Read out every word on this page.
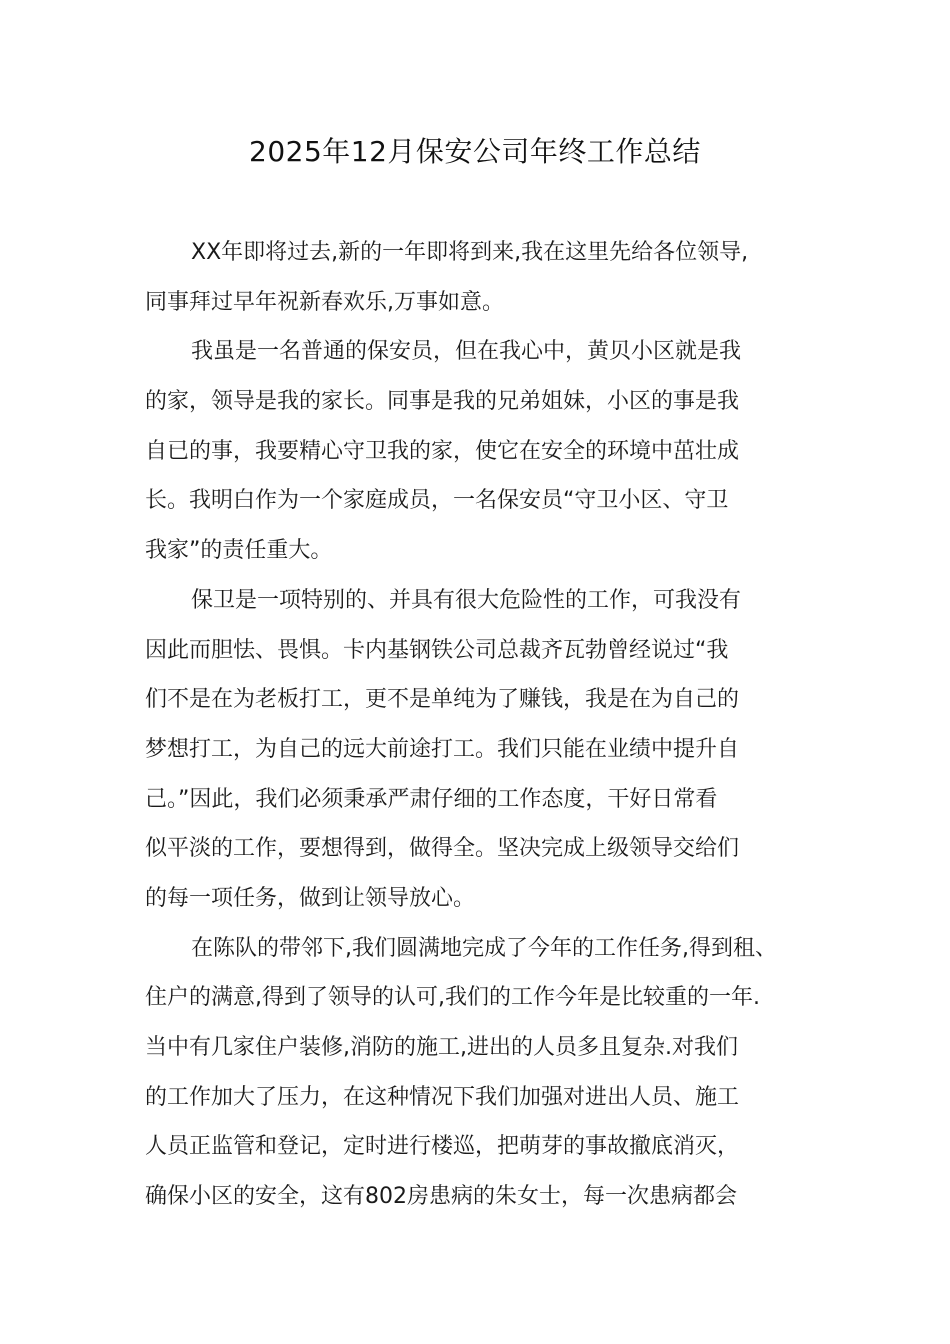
2025年12月保安公司年终工作总结
XX年即将过去,新的一年即将到来,我在这里先给各位领导,
同事拜过早年祝新春欢乐,万事如意。
我虽是一名普通的保安员，但在我心中，黄贝小区就是我
的家，领导是我的家长。同事是我的兄弟姐妹，小区的事是我
自已的事，我要精心守卫我的家，使它在安全的环境中茁壮成
长。我明白作为一个家庭成员，一名保安员“守卫小区、守卫
我家”的责任重大。
保卫是一项特别的、并具有很大危险性的工作，可我没有
因此而胆怯、畏惧。卡内基钢铁公司总裁齐瓦勃曾经说过“我
们不是在为老板打工，更不是单纯为了赚钱，我是在为自己的
梦想打工，为自己的远大前途打工。我们只能在业绩中提升自
己。”因此，我们必须秉承严肃仔细的工作态度，干好日常看
似平淡的工作，要想得到，做得全。坚决完成上级领导交给们
的每一项任务，做到让领导放心。
在陈队的带邻下,我们圆满地完成了今年的工作任务,得到租、
住户的满意,得到了领导的认可,我们的工作今年是比较重的一年.
当中有几家住户装修,消防的施工,进出的人员多且复杂.对我们
的工作加大了压力，在这种情况下我们加强对进出人员、施工
人员正监管和登记，定时进行楼巡，把萌芽的事故撤底消灭，
确保小区的安全，这有802房患病的朱女士，每一次患病都会
